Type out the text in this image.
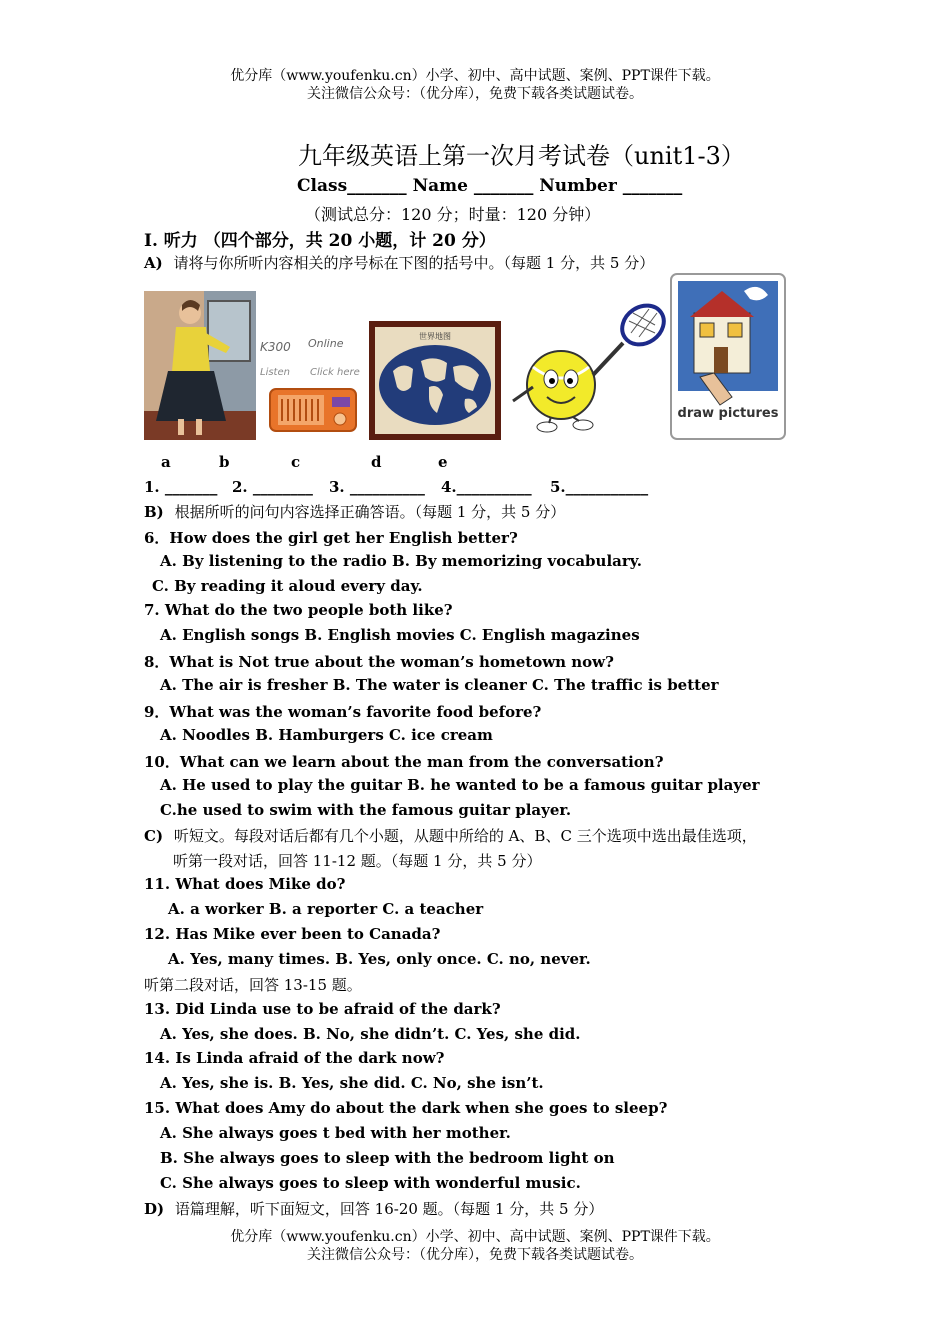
优分库（www.youfenku.cn）小学、初中、高中试题、案例、PPT课件下载。
关注微信公众号：（优分库），免费下载各类试题试卷。
九年级英语上第一次月考试卷（unit1-3）
Class_______ Name _______ Number _______
（测试总分：120 分；时量：120 分钟）
I. 听力 （四个部分，共 20 小题，计 20 分）
A) 请将与你所听内容相关的序号标在下图的括号中。（每题 1 分，共 5 分）
K300 Online
Listen Click here
世界地图
draw pictures
a	b	c	d	e
1. _______ 2. ________ 3. __________ 4.__________ 5.___________
B) 根据所听的问句内容选择正确答语。（每题 1 分，共 5 分）
6．How does the girl get her English better?
A. By listening to the radio B. By memorizing vocabulary.
C. By reading it aloud every day.
7. What do the two people both like?
A. English songs B. English movies C. English magazines
8．What is Not true about the woman’s hometown now?
A. The air is fresher B. The water is cleaner C. The traffic is better
9．What was the woman’s favorite food before?
A. Noodles B. Hamburgers C. ice cream
10．What can we learn about the man from the conversation?
A. He used to play the guitar B. he wanted to be a famous guitar player
C.he used to swim with the famous guitar player.
C) 听短文。每段对话后都有几个小题，从题中所给的 A、B、C 三个选项中选出最佳选项，
听第一段对话，回答 11-12 题。（每题 1 分，共 5 分）
11. What does Mike do?
A. a worker B. a reporter C. a teacher
12. Has Mike ever been to Canada?
A. Yes, many times. B. Yes, only once. C. no, never.
听第二段对话，回答 13-15 题。
13. Did Linda use to be afraid of the dark?
A. Yes, she does. B. No, she didn’t. C. Yes, she did.
14. Is Linda afraid of the dark now?
A. Yes, she is. B. Yes, she did. C. No, she isn’t.
15. What does Amy do about the dark when she goes to sleep?
A. She always goes t bed with her mother.
B. She always goes to sleep with the bedroom light on
C. She always goes to sleep with wonderful music.
D) 语篇理解，听下面短文，回答 16-20 题。（每题 1 分，共 5 分）
优分库（www.youfenku.cn）小学、初中、高中试题、案例、PPT课件下载。
关注微信公众号：（优分库），免费下载各类试题试卷。
